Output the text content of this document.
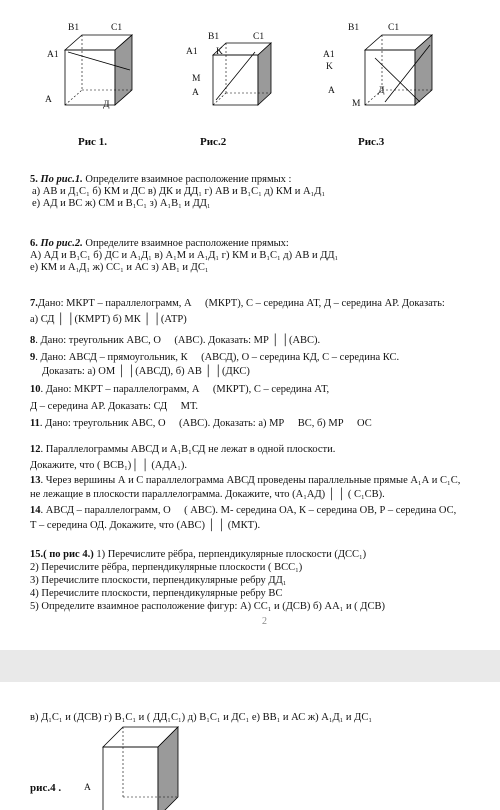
B1	C1
A1
A	Д
Рис 1.
B1	C1
A1 K
M
A
Рис.2
B1	C1
A1
K
A	Д
M
Рис.3
5. По рис.1. Определите взаимное расположение прямых :
а) АВ и Д₁С₁ б) КМ и ДС в) ДК и ДД₁ г) АВ и В₁С₁ д) КМ и А₁Д₁
е) АД и ВС ж) СМ и В₁С₁ з) А₁В₁ и ДД₁
6. По рис.2. Определите взаимное расположение прямых:
А) АД и В₁С₁ б) ДС и А₁Д₁ в) А₁М и А₁Д₁ г) КМ и В₁С₁ д) АВ и ДД₁
е) КМ и А₁Д₁ ж) СС₁ и АС з) АВ₁ и ДС₁
7.Дано: МКРТ – параллелограмм, А ⃞ (МКРТ), С – середина АТ, Д – середина АР. Доказать:
а) СД │ │(КМРТ) б) МК │ │(АТР)
8. Дано: треугольник АВС, О ⃞ (АВС). Доказать: МР │ │(АВС).
9. Дано: АВСД – прямоугольник, К ⃞ (АВСД), О – середина КД, С – середина КС.
Доказать: а) ОМ │ │(АВСД), б) АВ │ │(ДКС)
10. Дано: МКРТ – параллелограмм, А ⃞ (МКРТ), С – середина АТ,
Д – середина АР. Доказать: СД ⃞ МТ.
11. Дано: треугольник АВС, О ⃞ (АВС). Доказать: а) МР ⃞ ВС, б) МР ⃞ ОС
12. Параллелограммы АВСД и А₁В₁СД не лежат в одной плоскости.
Докажите, что ( ВСВ₁)│ │ (АДА₁).
13. Через вершины А и С параллелограмма АВСД проведены параллельные прямые А₁А и С₁С,
не лежащие в плоскости параллелограмма. Докажите, что (А₁АД) │ │ ( С₁СВ).
14. АВСД – параллелограмм, О ⃞ ( АВС). М- середина ОА, К – середина ОВ, Р – середина ОС,
Т – середина ОД. Докажите, что (АВС) │ │ (МКТ).
15.( по рис 4.) 1) Перечислите рёбра, перпендикулярные плоскости (ДСС₁)
2) Перечислите рёбра, перпендикулярные плоскости ( ВСС₁)
3) Перечислите плоскости, перпендикулярные ребру ДД₁
4) Перечислите плоскости, перпендикулярные ребру ВС
5) Определите взаимное расположение фигур: А) СС₁ и (ДСВ) б) АА₁ и ( ДСВ)
2
в) Д₁С₁ и (ДСВ) г) В₁С₁ и ( ДД₁С₁) д) В₁С₁ и ДС₁ е) ВВ₁ и АС ж) А₁Д₁ и ДС₁
рис.4 . A
